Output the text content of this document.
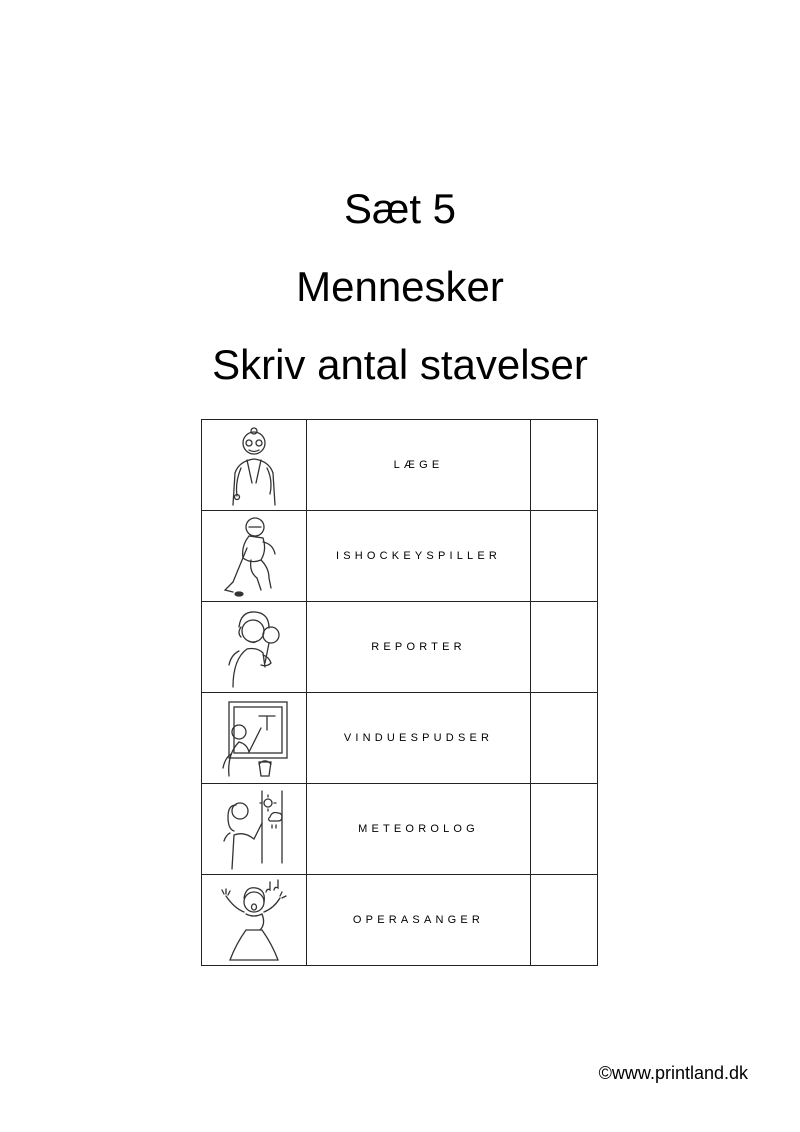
Sæt 5

Mennesker

Skriv antal stavelser

	LÆGE	

	ISHOCKEYSPILLER	

	REPORTER	

	VINDUESPUDSER	

	METEOROLOG	

	OPERASANGER	
©www.printland.dk
